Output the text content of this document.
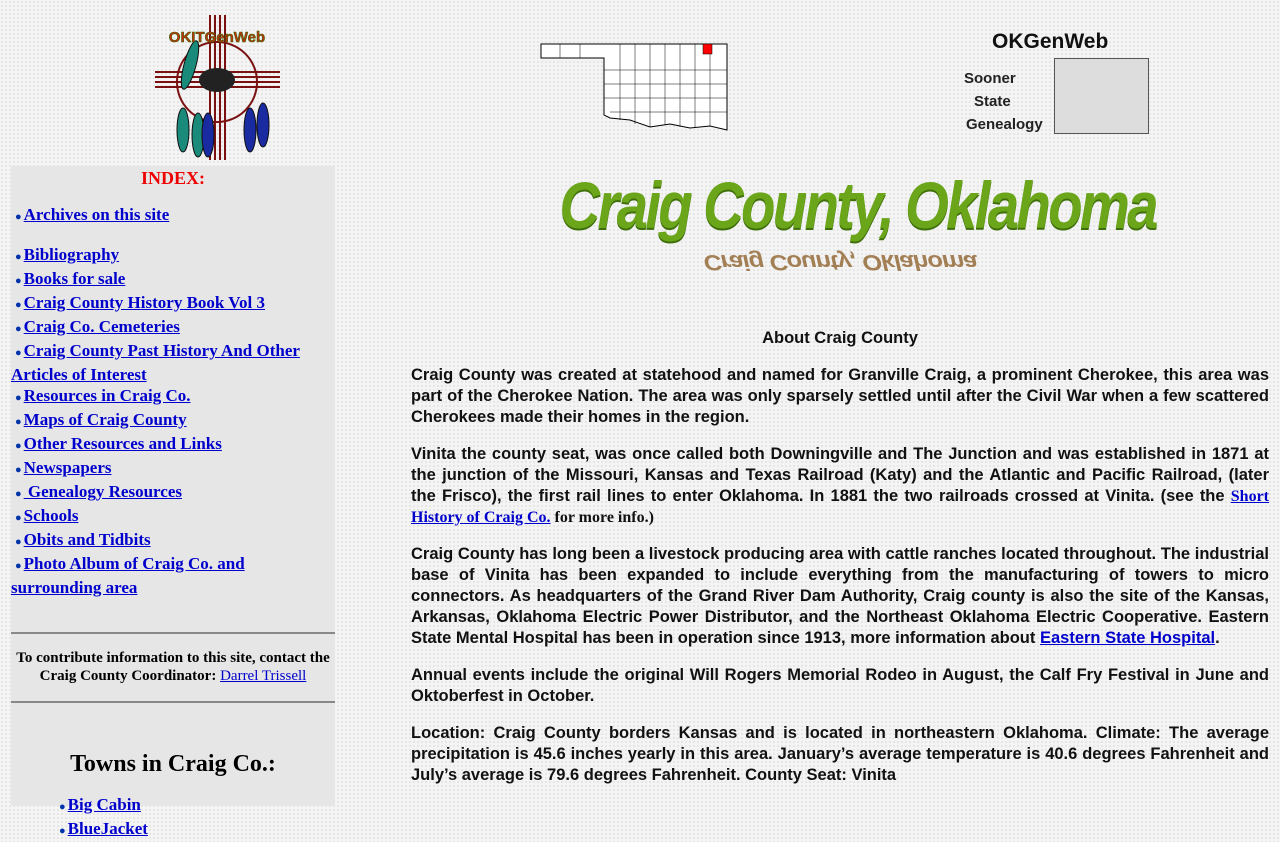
OKITGenWeb	OKGenWeb
Sooner
State
Genealogy
Craig County, Oklahoma
Craig County, Oklahoma
INDEX:
● Archives on this site
● Bibliography
● Books for sale
● Craig County History Book Vol 3
● Craig Co. Cemeteries
● Craig County Past History And Other Articles of Interest
● Resources in Craig Co.
● Maps of Craig County
● Other Resources and Links
● Newspapers
● Genealogy Resources
● Schools
● Obits and Tidbits
● Photo Album of Craig Co. and surrounding area
To contribute information to this site, contact the Craig County Coordinator: Darrel Trissell
Towns in Craig Co.:
● Big Cabin
● BlueJacket

About Craig County

Craig County was created at statehood and named for Granville Craig, a prominent Cherokee, this area was part of the Cherokee Nation. The area was only sparsely settled until after the Civil War when a few scattered Cherokees made their homes in the region.

Vinita the county seat, was once called both Downingville and The Junction and was established in 1871 at the junction of the Missouri, Kansas and Texas Railroad (Katy) and the Atlantic and Pacific Railroad, (later the Frisco), the first rail lines to enter Oklahoma. In 1881 the two railroads crossed at Vinita. (see the Short History of Craig Co. for more info.)

Craig County has long been a livestock producing area with cattle ranches located throughout. The industrial base of Vinita has been expanded to include everything from the manufacturing of towers to micro connectors. As headquarters of the Grand River Dam Authority, Craig county is also the site of the Kansas, Arkansas, Oklahoma Electric Power Distributor, and the Northeast Oklahoma Electric Cooperative. Eastern State Mental Hospital has been in operation since 1913, more information about Eastern State Hospital.

Annual events include the original Will Rogers Memorial Rodeo in August, the Calf Fry Festival in June and Oktoberfest in October.

Location: Craig County borders Kansas and is located in northeastern Oklahoma. Climate: The average precipitation is 45.6 inches yearly in this area. January’s average temperature is 40.6 degrees Fahrenheit and July’s average is 79.6 degrees Fahrenheit. County Seat: Vinita
